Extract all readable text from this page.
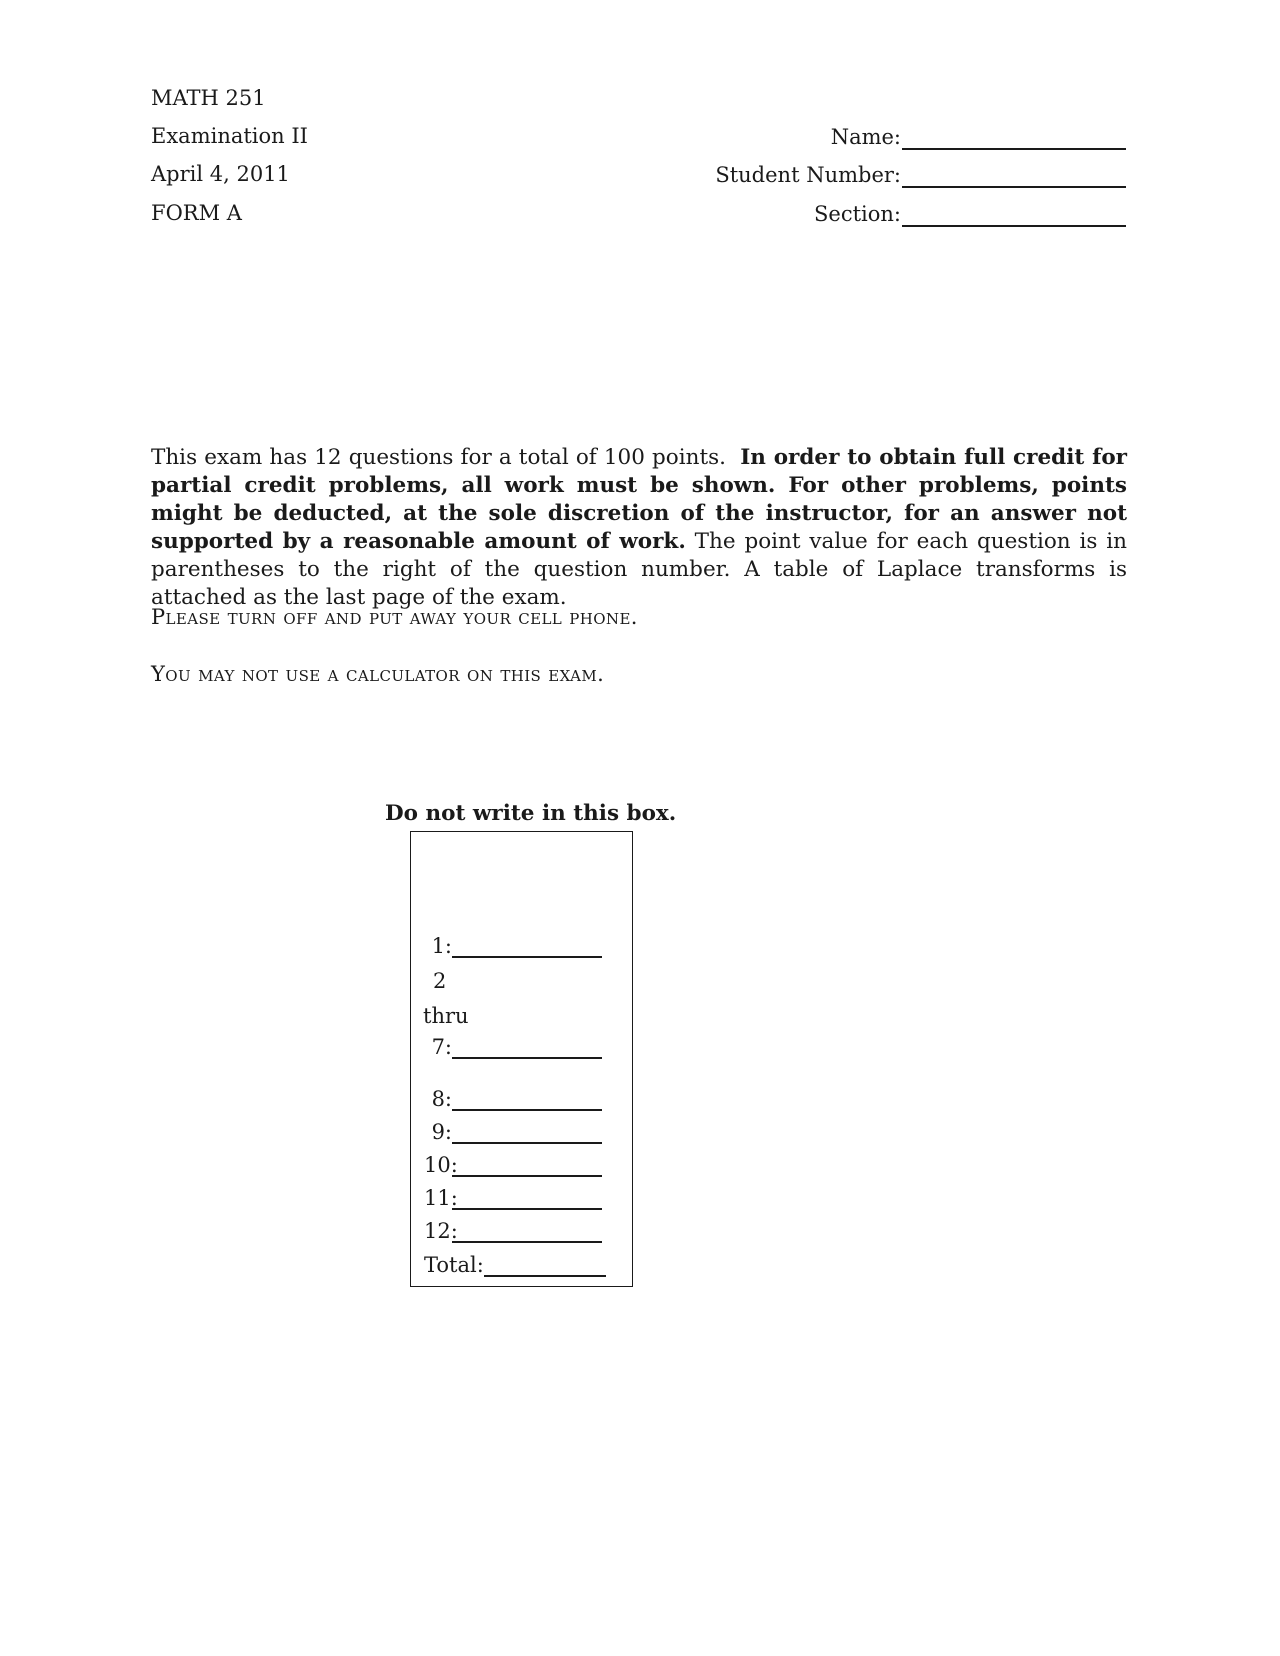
MATH 251
Examination II
April 4, 2011
FORM A
Name:
Student Number:
Section:

This exam has 12 questions for a total of 100 points. In order to obtain full credit for partial credit problems, all work must be shown. For other problems, points might be deducted, at the sole discretion of the instructor, for an answer not supported by a reasonable amount of work. The point value for each question is in parentheses to the right of the question number. A table of Laplace transforms is attached as the last page of the exam.

Please turn off and put away your cell phone.
You may not use a calculator on this exam.
Do not write in this box.
1:
2
thru
7:
8:
9:
10:
11:
12:
Total:
